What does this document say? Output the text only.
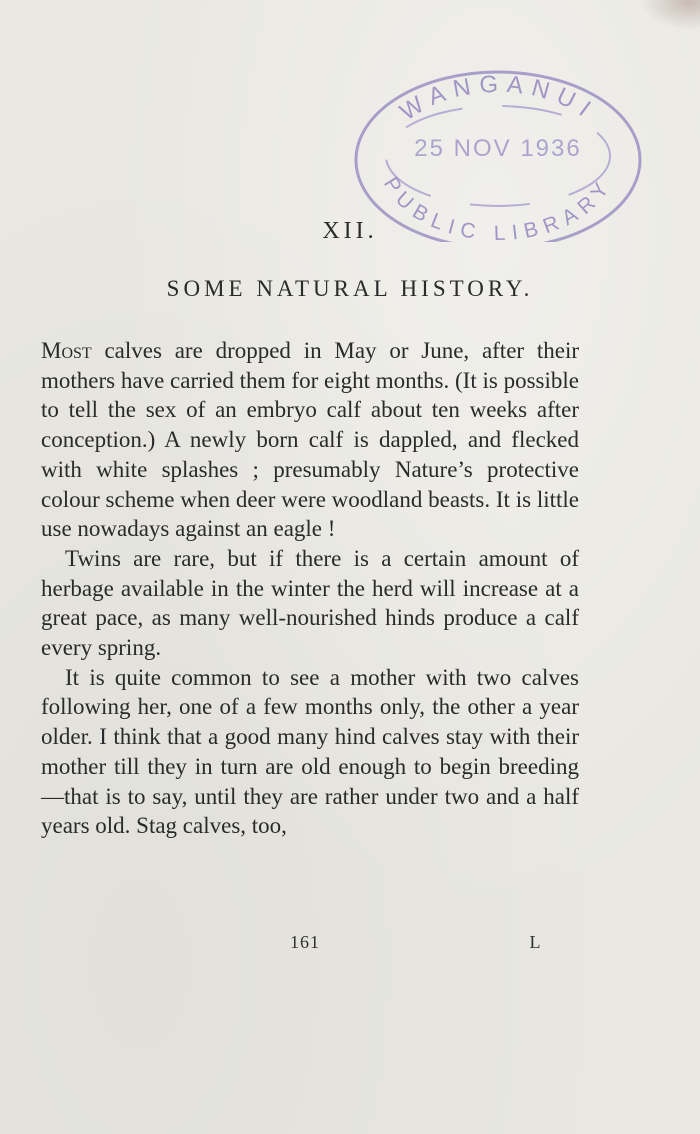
WANGANUI
25 NOV 1936
PUBLIC LIBRARY
XII.
SOME NATURAL HISTORY.

Most calves are dropped in May or June, after their mothers have carried them for eight months. (It is possible to tell the sex of an embryo calf about ten weeks after conception.) A newly born calf is dappled, and flecked with white splashes ; presumably Nature’s protective colour scheme when deer were woodland beasts. It is little use nowadays against an eagle !

Twins are rare, but if there is a certain amount of herbage available in the winter the herd will increase at a great pace, as many well-nourished hinds produce a calf every spring.

It is quite common to see a mother with two calves following her, one of a few months only, the other a year older. I think that a good many hind calves stay with their mother till they in turn are old enough to begin breeding —that is to say, until they are rather under two and a half years old. Stag calves, too,

161	L
